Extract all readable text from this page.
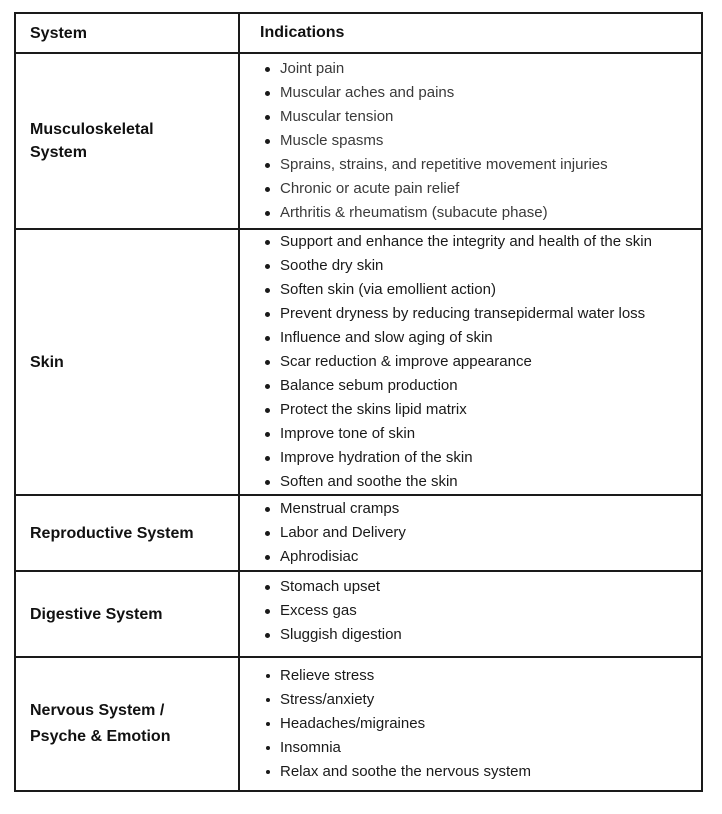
System	Indications
Musculoskeletal
System
Joint pain
Muscular aches and pains
Muscular tension
Muscle spasms
Sprains, strains, and repetitive movement injuries
Chronic or acute pain relief
Arthritis & rheumatism (subacute phase)
Skin
Support and enhance the integrity and health of the skin
Soothe dry skin
Soften skin (via emollient action)
Prevent dryness by reducing transepidermal water loss
Influence and slow aging of skin
Scar reduction & improve appearance
Balance sebum production
Protect the skins lipid matrix
Improve tone of skin
Improve hydration of the skin
Soften and soothe the skin
Reproductive System
Menstrual cramps
Labor and Delivery
Aphrodisiac
Digestive System
Stomach upset
Excess gas
Sluggish digestion
Nervous System /
Psyche & Emotion
Relieve stress
Stress/anxiety
Headaches/migraines
Insomnia
Relax and soothe the nervous system
